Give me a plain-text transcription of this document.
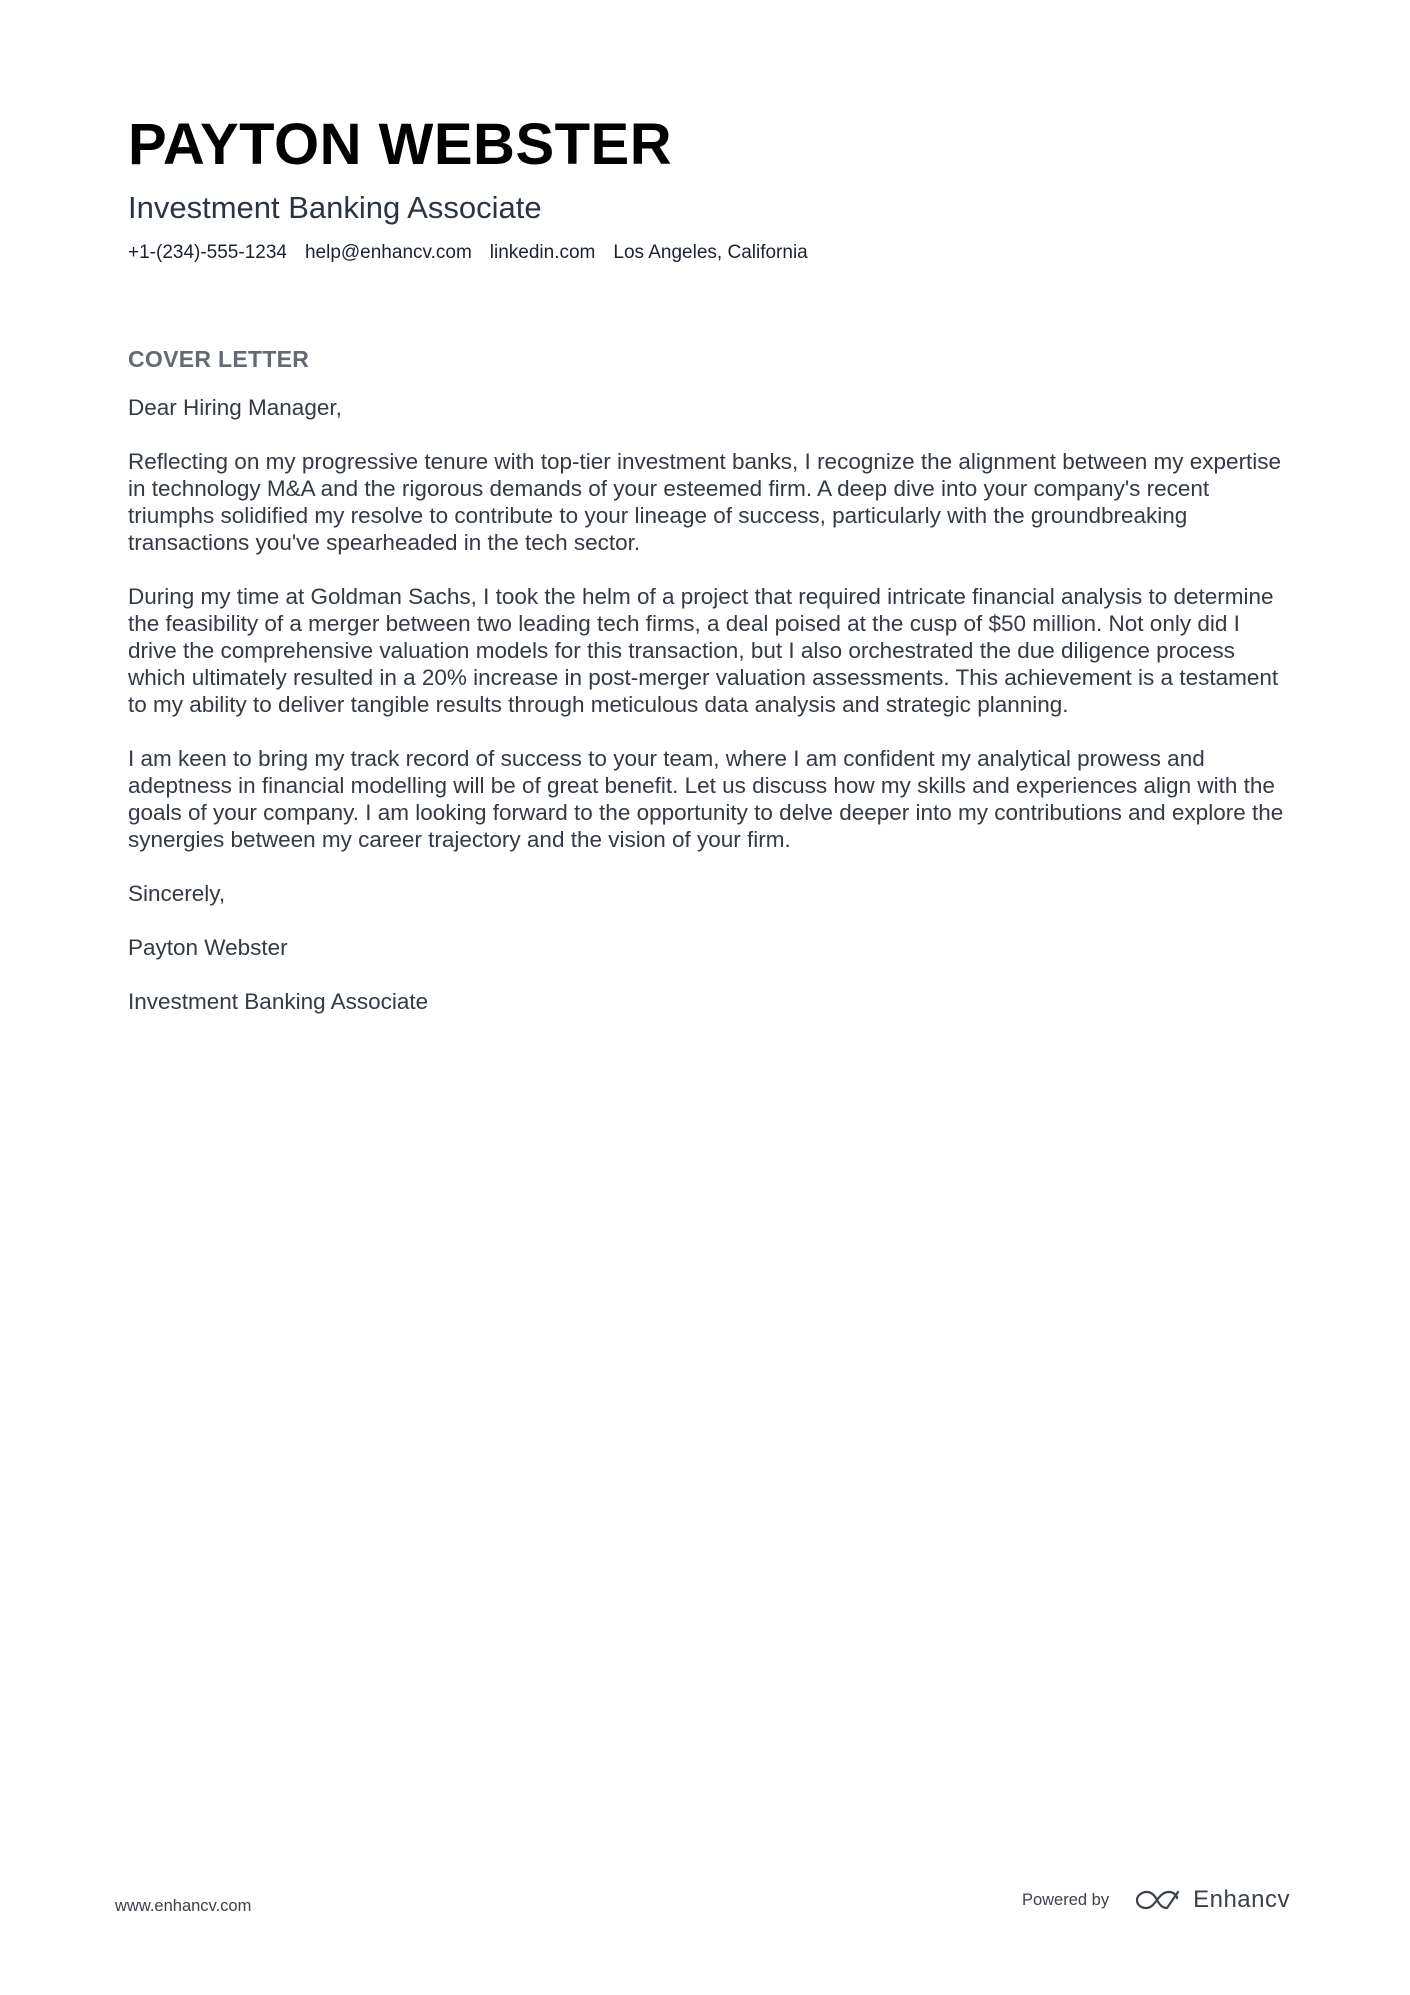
PAYTON WEBSTER
Investment Banking Associate
+1-(234)-555-1234 help@enhancv.com linkedin.com Los Angeles, California
COVER LETTER

Dear Hiring Manager,

Reflecting on my progressive tenure with top-tier investment banks, I recognize the alignment between my expertise in technology M&A and the rigorous demands of your esteemed firm. A deep dive into your company's recent triumphs solidified my resolve to contribute to your lineage of success, particularly with the groundbreaking transactions you've spearheaded in the tech sector.

During my time at Goldman Sachs, I took the helm of a project that required intricate financial analysis to determine the feasibility of a merger between two leading tech firms, a deal poised at the cusp of $50 million. Not only did I drive the comprehensive valuation models for this transaction, but I also orchestrated the due diligence process which ultimately resulted in a 20% increase in post-merger valuation assessments. This achievement is a testament to my ability to deliver tangible results through meticulous data analysis and strategic planning.

I am keen to bring my track record of success to your team, where I am confident my analytical prowess and adeptness in financial modelling will be of great benefit. Let us discuss how my skills and experiences align with the goals of your company. I am looking forward to the opportunity to delve deeper into my contributions and explore the synergies between my career trajectory and the vision of your firm.

Sincerely,

Payton Webster

Investment Banking Associate

www.enhancv.com	Powered by	Enhancv
